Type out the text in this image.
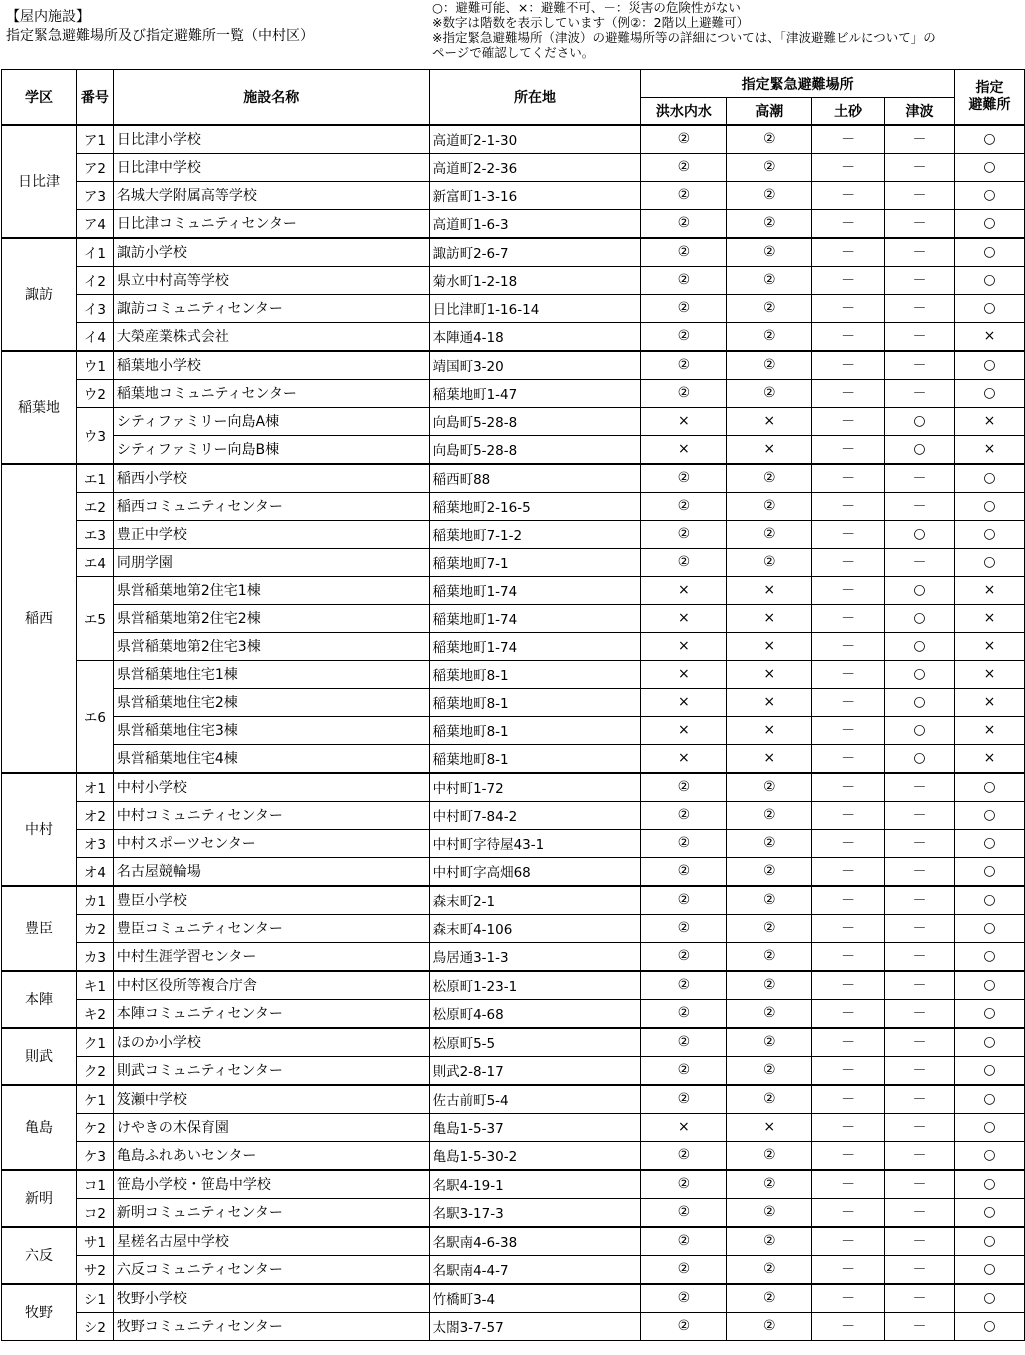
【屋内施設】
指定緊急避難場所及び指定避難所一覧（中村区）
○：避難可能、×：避難不可、－：災害の危険性がない
※数字は階数を表示しています（例②：2階以上避難可）
※指定緊急避難場所（津波）の避難場所等の詳細については、「津波避難ビルについて」の
ページで確認してください。
学区	番号	施設名称	所在地	指定緊急避難場所				指定
避難所

				洪水内水	高潮	土砂	津波	
日比津	ア1	日比津小学校	高道町2-1-30	②	②	－	－	○
	ア2	日比津中学校	高道町2-2-36	②	②	－	－	○
	ア3	名城大学附属高等学校	新富町1-3-16	②	②	－	－	○
	ア4	日比津コミュニティセンター	高道町1-6-3	②	②	－	－	○
諏訪	イ1	諏訪小学校	諏訪町2-6-7	②	②	－	－	○
	イ2	県立中村高等学校	菊水町1-2-18	②	②	－	－	○
	イ3	諏訪コミュニティセンター	日比津町1-16-14	②	②	－	－	○
	イ4	大榮産業株式会社	本陣通4-18	②	②	－	－	×
稲葉地	ウ1	稲葉地小学校	靖国町3-20	②	②	－	－	○
	ウ2	稲葉地コミュニティセンター	稲葉地町1-47	②	②	－	－	○
	ウ3	シティファミリー向島A棟	向島町5-28-8	×	×	－	○	×
		シティファミリー向島B棟	向島町5-28-8	×	×	－	○	×
稲西	エ1	稲西小学校	稲西町88	②	②	－	－	○
	エ2	稲西コミュニティセンター	稲葉地町2-16-5	②	②	－	－	○
	エ3	豊正中学校	稲葉地町7-1-2	②	②	－	○	○
	エ4	同朋学園	稲葉地町7-1	②	②	－	－	○
	エ5	県営稲葉地第2住宅1棟	稲葉地町1-74	×	×	－	○	×
		県営稲葉地第2住宅2棟	稲葉地町1-74	×	×	－	○	×
		県営稲葉地第2住宅3棟	稲葉地町1-74	×	×	－	○	×
	エ6	県営稲葉地住宅1棟	稲葉地町8-1	×	×	－	○	×
		県営稲葉地住宅2棟	稲葉地町8-1	×	×	－	○	×
		県営稲葉地住宅3棟	稲葉地町8-1	×	×	－	○	×
		県営稲葉地住宅4棟	稲葉地町8-1	×	×	－	○	×
中村	オ1	中村小学校	中村町1-72	②	②	－	－	○
	オ2	中村コミュニティセンター	中村町7-84-2	②	②	－	－	○
	オ3	中村スポーツセンター	中村町字待屋43-1	②	②	－	－	○
	オ4	名古屋競輪場	中村町字高畑68	②	②	－	－	○
豊臣	カ1	豊臣小学校	森末町2-1	②	②	－	－	○
	カ2	豊臣コミュニティセンター	森末町4-106	②	②	－	－	○
	カ3	中村生涯学習センター	鳥居通3-1-3	②	②	－	－	○
本陣	キ1	中村区役所等複合庁舎	松原町1-23-1	②	②	－	－	○
	キ2	本陣コミュニティセンター	松原町4-68	②	②	－	－	○
則武	ク1	ほのか小学校	松原町5-5	②	②	－	－	○
	ク2	則武コミュニティセンター	則武2-8-17	②	②	－	－	○
亀島	ケ1	笈瀬中学校	佐古前町5-4	②	②	－	－	○
	ケ2	けやきの木保育園	亀島1-5-37	×	×	－	－	○
	ケ3	亀島ふれあいセンター	亀島1-5-30-2	②	②	－	－	○
新明	コ1	笹島小学校・笹島中学校	名駅4-19-1	②	②	－	－	○
	コ2	新明コミュニティセンター	名駅3-17-3	②	②	－	－	○
六反	サ1	星槎名古屋中学校	名駅南4-6-38	②	②	－	－	○
	サ2	六反コミュニティセンター	名駅南4-4-7	②	②	－	－	○
牧野	シ1	牧野小学校	竹橋町3-4	②	②	－	－	○
	シ2	牧野コミュニティセンター	太閤3-7-57	②	②	－	－	○
